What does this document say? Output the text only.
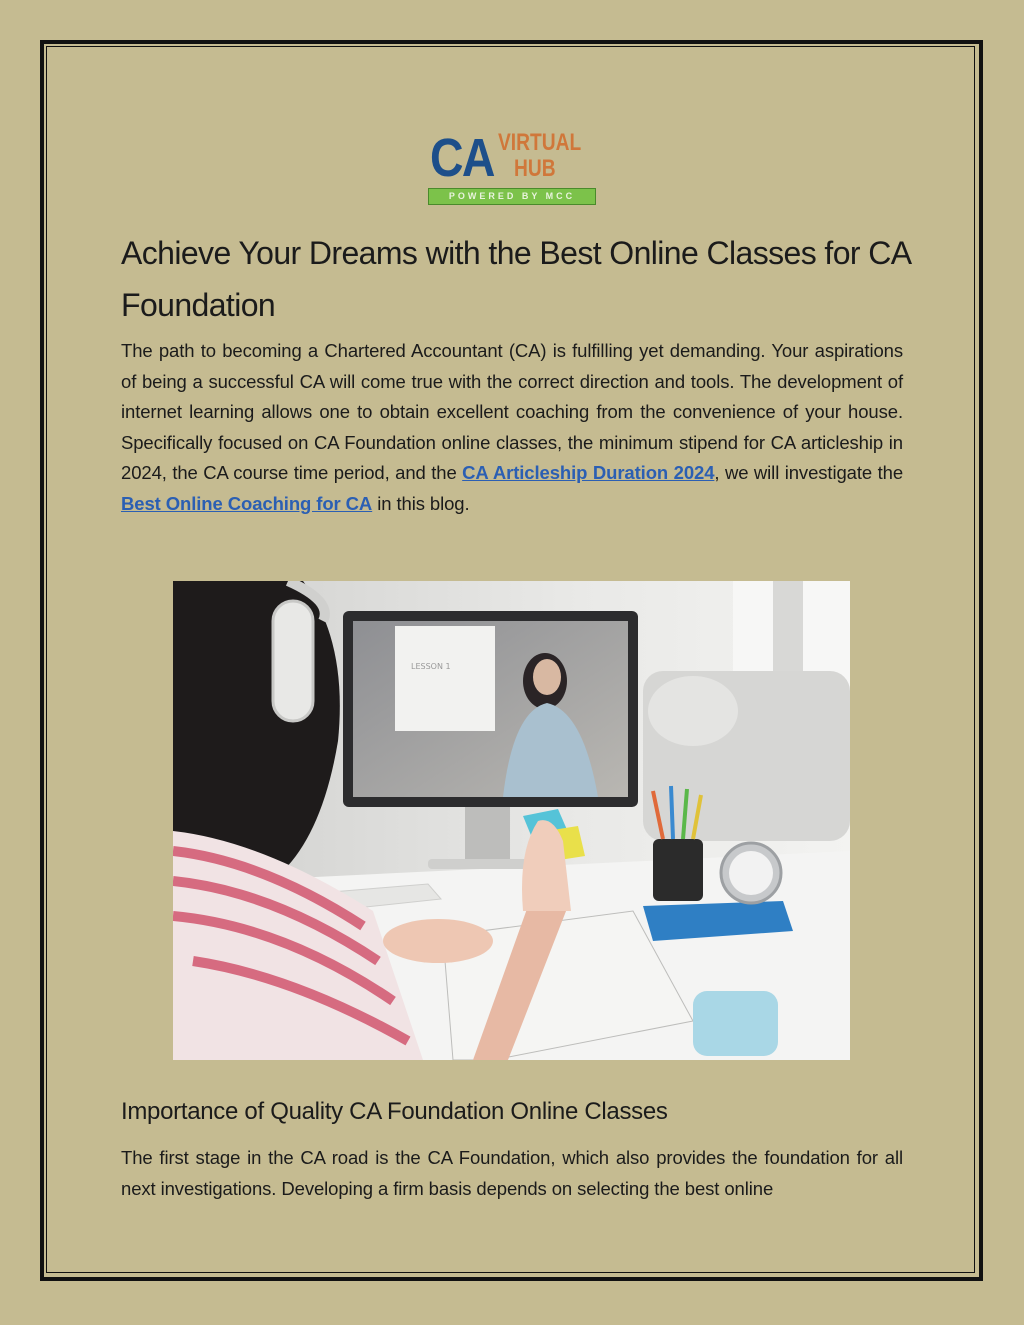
CA VIRTUAL
HUB
POWERED BY MCC
Achieve Your Dreams with the Best Online Classes for CA Foundation

The path to becoming a Chartered Accountant (CA) is fulfilling yet demanding. Your aspirations of being a successful CA will come true with the correct direction and tools. The development of internet learning allows one to obtain excellent coaching from the convenience of your house. Specifically focused on CA Foundation online classes, the minimum stipend for CA articleship in 2024, the CA course time period, and the CA Articleship Duration 2024, we will investigate the Best Online Coaching for CA in this blog.

LESSON 1
Importance of Quality CA Foundation Online Classes

The first stage in the CA road is the CA Foundation, which also provides the foundation for all next investigations. Developing a firm basis depends on selecting the best online
